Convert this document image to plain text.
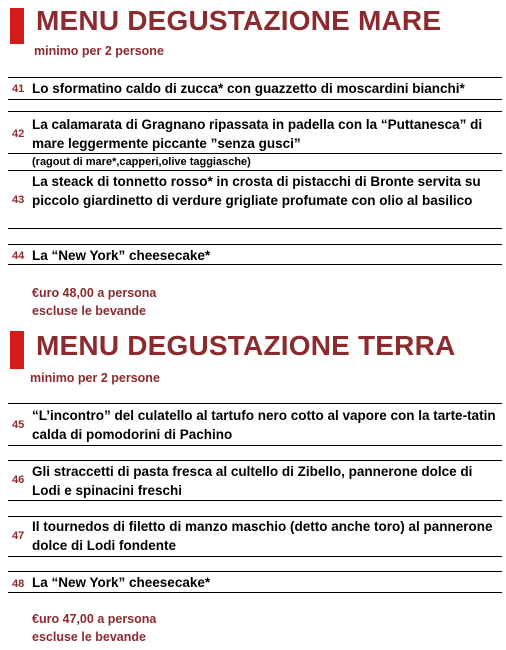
MENU DEGUSTAZIONE MARE
minimo per 2 persone
41 Lo sformatino caldo di zucca* con guazzetto di moscardini bianchi*
42
La calamarata di Gragnano ripassata in padella con la “Puttanesca” di mare leggermente piccante ”senza gusci”
(ragout di mare*,capperi,olive taggiasche)
43
La steack di tonnetto rosso* in crosta di pistacchi di Bronte servita su piccolo giardinetto di verdure grigliate profumate con olio al basilico
44 La “New York” cheesecake*
€uro 48,00 a persona
escluse le bevande
MENU DEGUSTAZIONE TERRA
minimo per 2 persone
45
“L’incontro” del culatello al tartufo nero cotto al vapore con la tarte-tatin calda di pomodorini di Pachino
46
Gli straccetti di pasta fresca al cultello di Zibello, pannerone dolce di Lodi e spinacini freschi
47
Il tournedos di filetto di manzo maschio (detto anche toro) al pannerone dolce di Lodi fondente
48 La “New York” cheesecake*
€uro 47,00 a persona
escluse le bevande
